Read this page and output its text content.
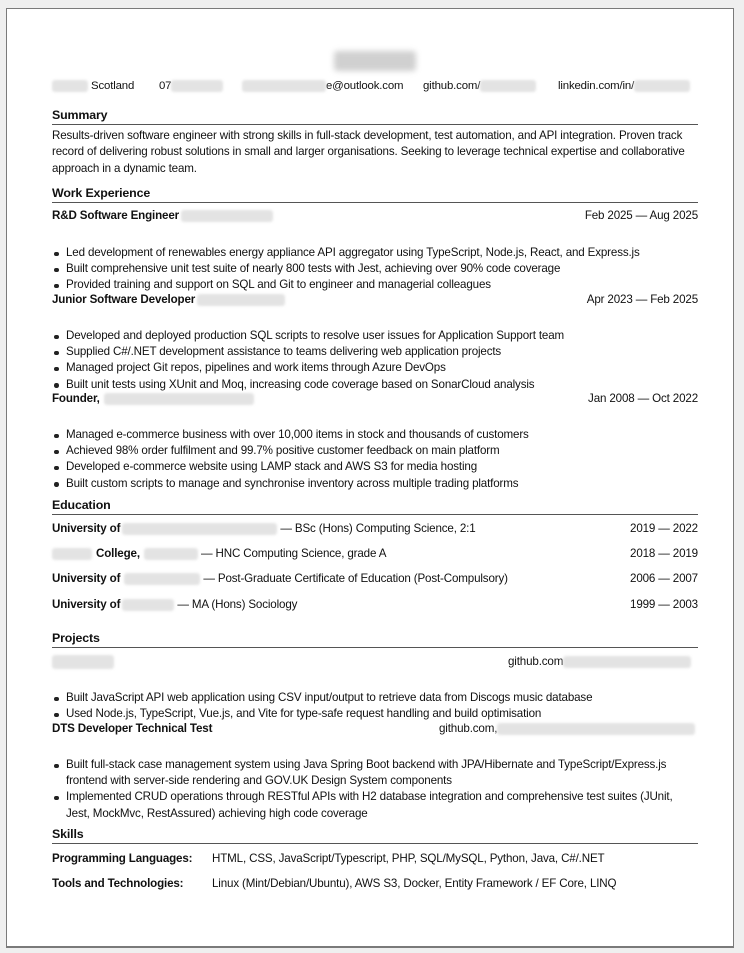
Scotland 07	e@outlook.com github.com/	linkedin.com/in/
Summary
Results-driven software engineer with strong skills in full-stack development, test automation, and API integration. Proven track record of delivering robust solutions in small and larger organisations. Seeking to leverage technical expertise and collaborative approach in a dynamic team.
Work Experience
R&D Software Engineer	Feb 2025 — Aug 2025
Led development of renewables energy appliance API aggregator using TypeScript, Node.js, React, and Express.js
Built comprehensive unit test suite of nearly 800 tests with Jest, achieving over 90% code coverage
Provided training and support on SQL and Git to engineer and managerial colleagues
Junior Software Developer	Apr 2023 — Feb 2025
Developed and deployed production SQL scripts to resolve user issues for Application Support team
Supplied C#/.NET development assistance to teams delivering web application projects
Managed project Git repos, pipelines and work items through Azure DevOps
Built unit tests using XUnit and Moq, increasing code coverage based on SonarCloud analysis
Founder,	Jan 2008 — Oct 2022
Managed e-commerce business with over 10,000 items in stock and thousands of customers
Achieved 98% order fulfilment and 99.7% positive customer feedback on main platform
Developed e-commerce website using LAMP stack and AWS S3 for media hosting
Built custom scripts to manage and synchronise inventory across multiple trading platforms
Education
University of	— BSc (Hons) Computing Science, 2:1	2019 — 2022
College,	— HNC Computing Science, grade A	2018 — 2019
University of	— Post-Graduate Certificate of Education (Post-Compulsory)	2006 — 2007
University of	— MA (Hons) Sociology	1999 — 2003
Projects
github.com
Built JavaScript API web application using CSV input/output to retrieve data from Discogs music database
Used Node.js, TypeScript, Vue.js, and Vite for type-safe request handling and build optimisation
DTS Developer Technical Test	github.com,
Built full-stack case management system using Java Spring Boot backend with JPA/Hibernate and TypeScript/Express.js frontend with server-side rendering and GOV.UK Design System components
Implemented CRUD operations through RESTful APIs with H2 database integration and comprehensive test suites (JUnit, Jest, MockMvc, RestAssured) achieving high code coverage
Skills
Programming Languages: HTML, CSS, JavaScript/Typescript, PHP, SQL/MySQL, Python, Java, C#/.NET
Tools and Technologies: Linux (Mint/Debian/Ubuntu), AWS S3, Docker, Entity Framework / EF Core, LINQ
